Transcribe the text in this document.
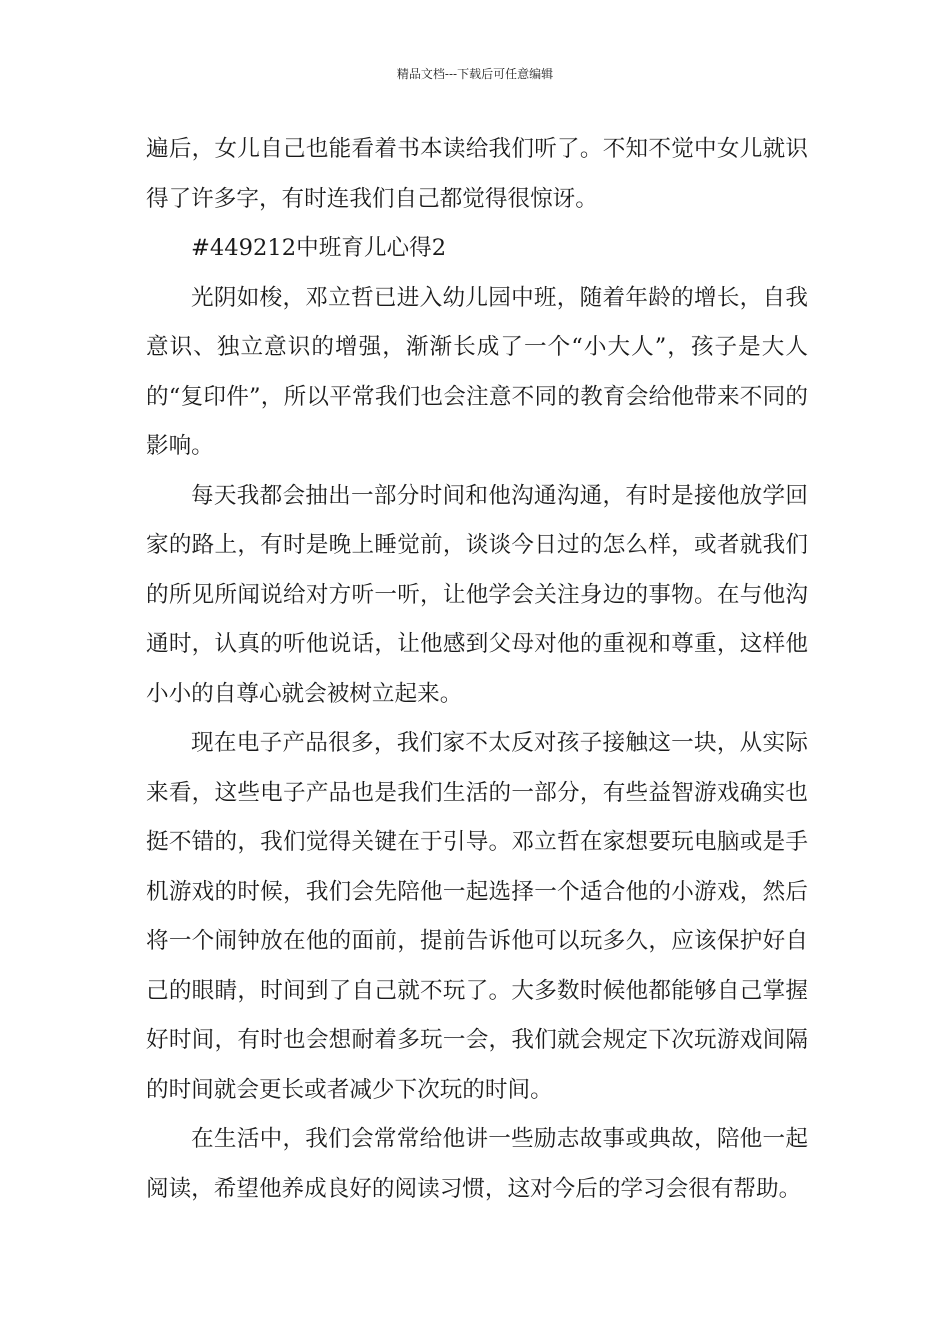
精品文档---下载后可任意编辑

遍后，女儿自己也能看着书本读给我们听了。不知不觉中女儿就识得了许多字，有时连我们自己都觉得很惊讶。

#449212中班育儿心得2

光阴如梭，邓立哲已进入幼儿园中班，随着年龄的增长，自我意识、独立意识的增强，渐渐长成了一个“小大人”，孩子是大人的“复印件”，所以平常我们也会注意不同的教育会给他带来不同的影响。

每天我都会抽出一部分时间和他沟通沟通，有时是接他放学回家的路上，有时是晚上睡觉前，谈谈今日过的怎么样，或者就我们的所见所闻说给对方听一听，让他学会关注身边的事物。在与他沟通时，认真的听他说话，让他感到父母对他的重视和尊重，这样他小小的自尊心就会被树立起来。

现在电子产品很多，我们家不太反对孩子接触这一块，从实际来看，这些电子产品也是我们生活的一部分，有些益智游戏确实也挺不错的，我们觉得关键在于引导。邓立哲在家想要玩电脑或是手机游戏的时候，我们会先陪他一起选择一个适合他的小游戏，然后将一个闹钟放在他的面前，提前告诉他可以玩多久，应该保护好自己的眼睛，时间到了自己就不玩了。大多数时候他都能够自己掌握好时间，有时也会想耐着多玩一会，我们就会规定下次玩游戏间隔的时间就会更长或者减少下次玩的时间。

在生活中，我们会常常给他讲一些励志故事或典故，陪他一起阅读，希望他养成良好的阅读习惯，这对今后的学习会很有帮助。
